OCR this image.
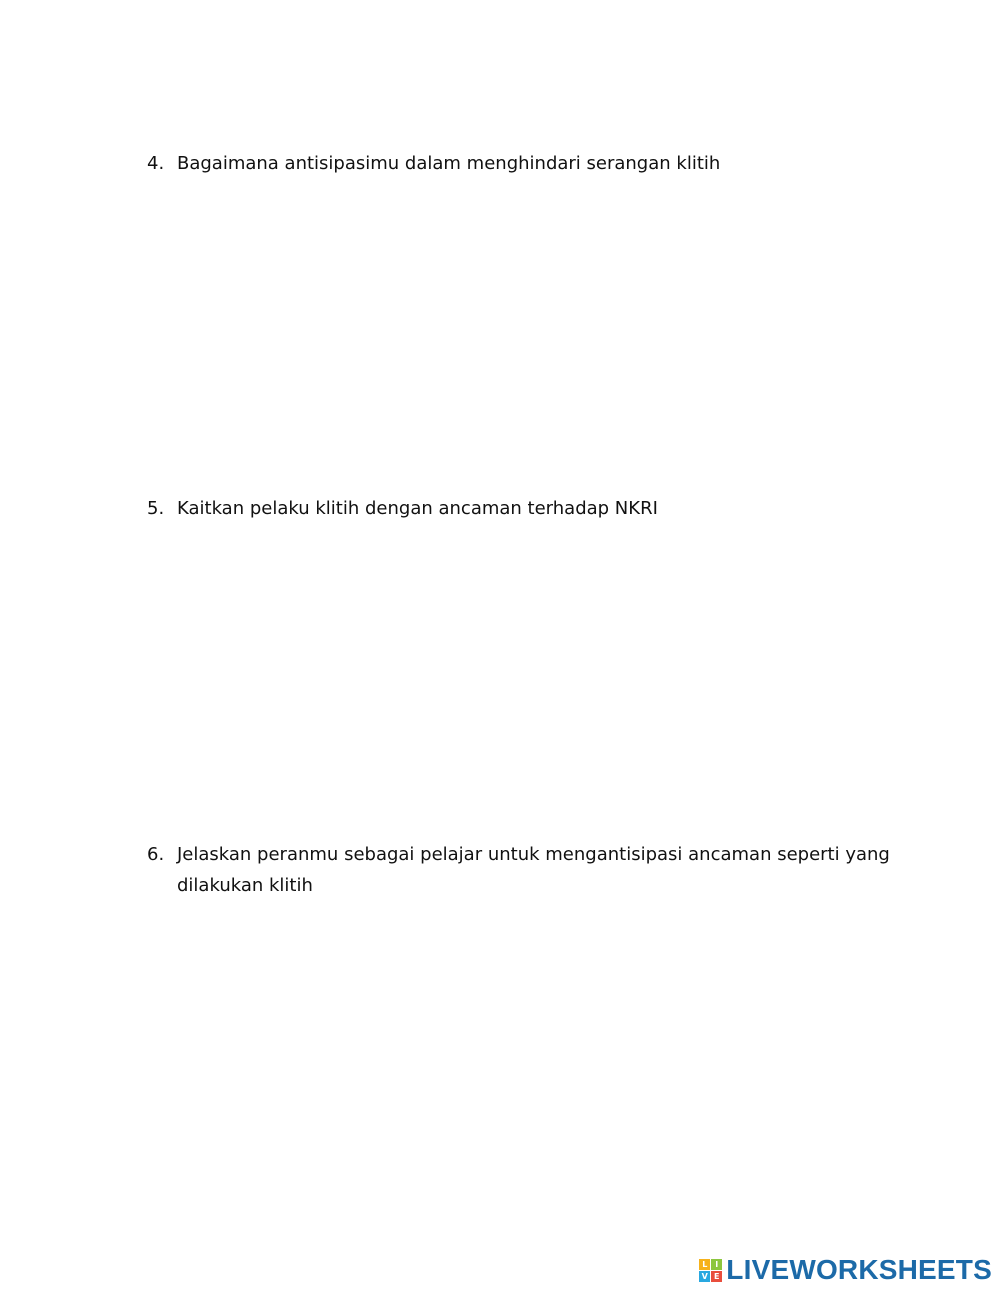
4. Bagaimana antisipasimu dalam menghindari serangan klitih
5. Kaitkan pelaku klitih dengan ancaman terhadap NKRI
6. Jelaskan peranmu sebagai pelajar untuk mengantisipasi ancaman seperti yang dilakukan klitih
L I
V E LIVEWORKSHEETS
